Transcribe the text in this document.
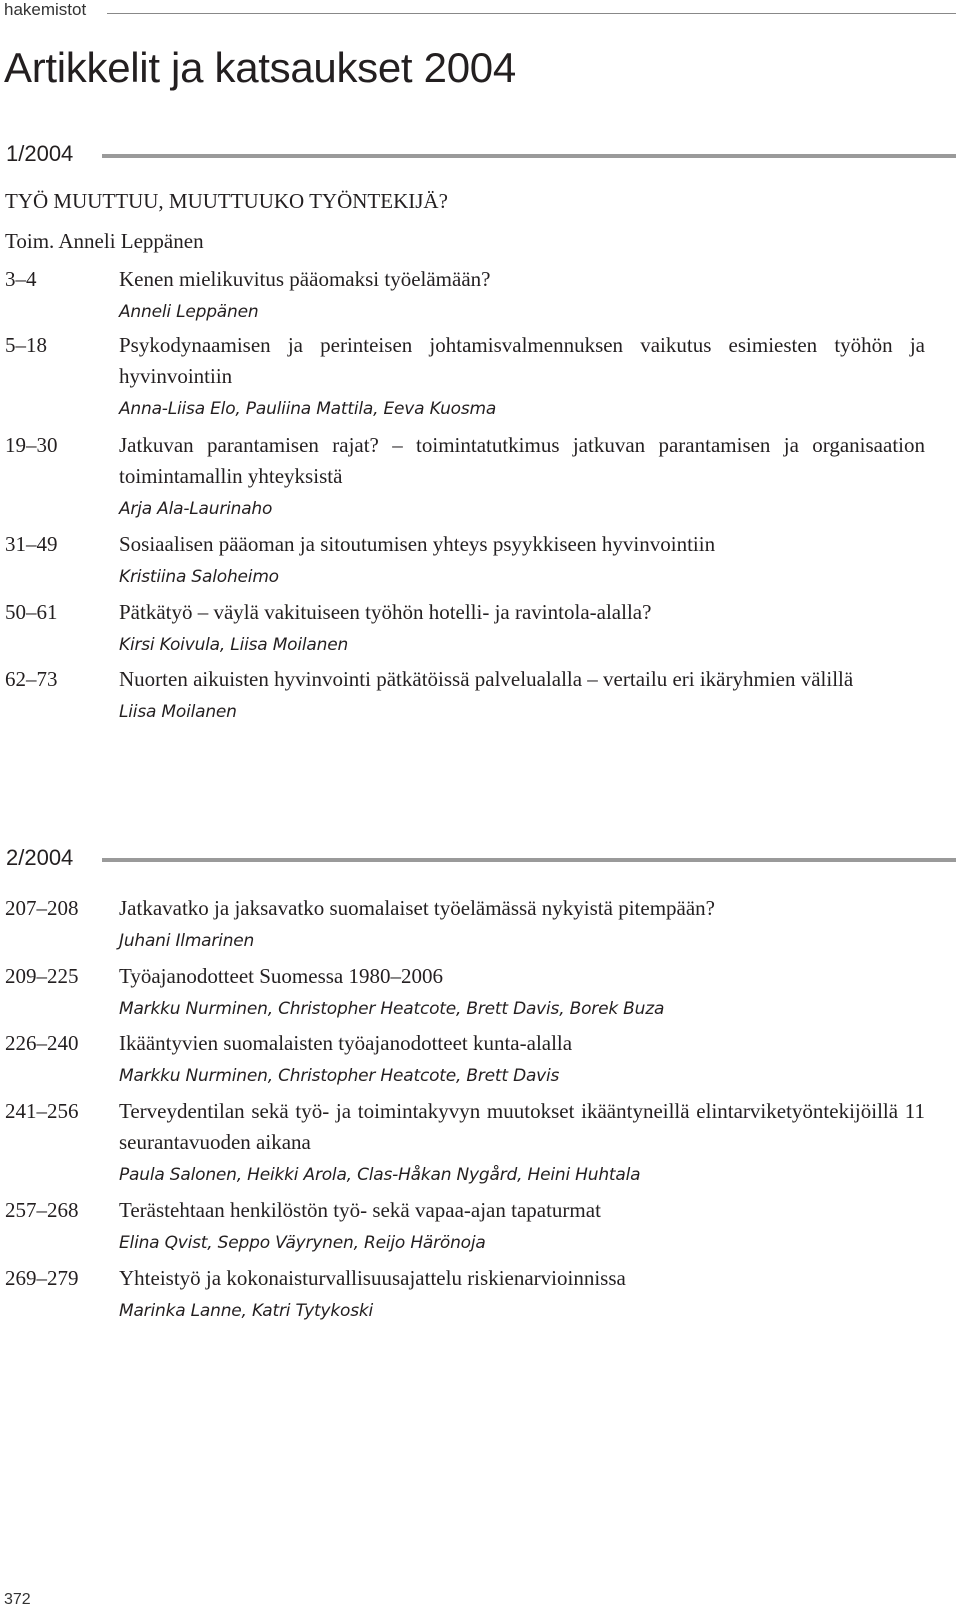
hakemistot
Artikkelit ja katsaukset 2004
1/2004
TYÖ MUUTTUU, MUUTTUUKO TYÖNTEKIJÄ?
Toim. Anneli Leppänen
3–4	Kenen mielikuvitus pääomaksi työelämään?
Anneli Leppänen
5–18	Psykodynaamisen ja perinteisen johtamisvalmennuksen vaikutus esimiesten työhön ja hyvinvointiin
Anna-Liisa Elo, Pauliina Mattila, Eeva Kuosma
19–30	Jatkuvan parantamisen rajat? – toimintatutkimus jatkuvan parantamisen ja organisaation toimintamallin yhteyksistä
Arja Ala-Laurinaho
31–49	Sosiaalisen pääoman ja sitoutumisen yhteys psyykkiseen hyvinvointiin
Kristiina Saloheimo
50–61	Pätkätyö – väylä vakituiseen työhön hotelli- ja ravintola-alalla?
Kirsi Koivula, Liisa Moilanen
62–73	Nuorten aikuisten hyvinvointi pätkätöissä palvelualalla – vertailu eri ikäryhmien välillä
Liisa Moilanen
2/2004
207–208 Jatkavatko ja jaksavatko suomalaiset työelämässä nykyistä pitempään?
Juhani Ilmarinen
209–225 Työajanodotteet Suomessa 1980–2006
Markku Nurminen, Christopher Heatcote, Brett Davis, Borek Buza
226–240 Ikääntyvien suomalaisten työajanodotteet kunta-alalla
Markku Nurminen, Christopher Heatcote, Brett Davis
241–256 Terveydentilan sekä työ- ja toimintakyvyn muutokset ikääntyneillä elintarviketyöntekijöillä 11 seurantavuoden aikana
Paula Salonen, Heikki Arola, Clas-Håkan Nygård, Heini Huhtala
257–268 Terästehtaan henkilöstön työ- sekä vapaa-ajan tapaturmat
Elina Qvist, Seppo Väyrynen, Reijo Härönoja
269–279 Yhteistyö ja kokonaisturvallisuusajattelu riskienarvioinnissa
Marinka Lanne, Katri Tytykoski
372
